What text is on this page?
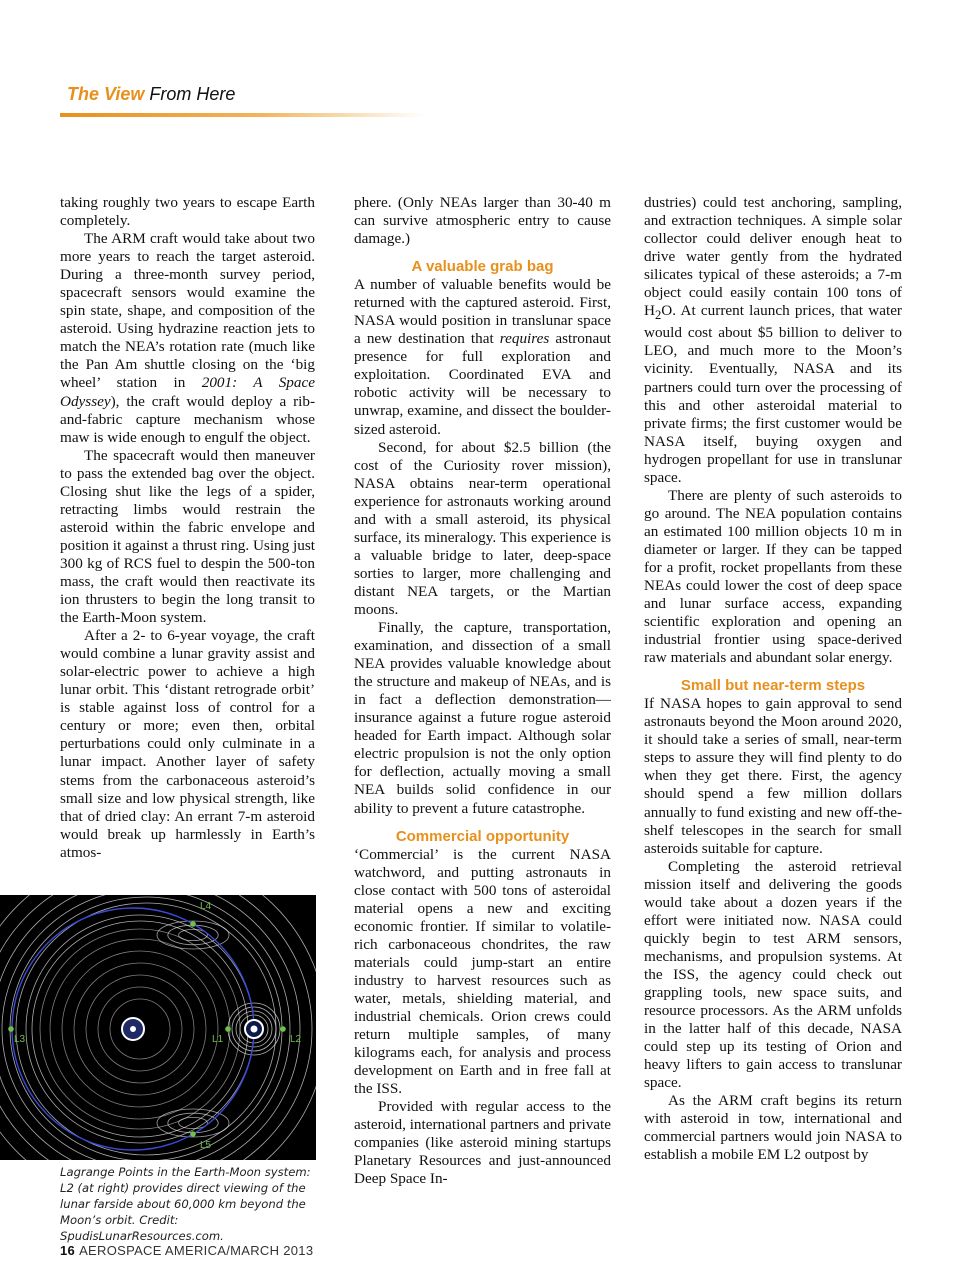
The View From Here

taking roughly two years to escape Earth completely.

The ARM craft would take about two more years to reach the target asteroid. During a three-month survey period, spacecraft sensors would examine the spin state, shape, and composition of the asteroid. Using hydrazine reaction jets to match the NEA’s rotation rate (much like the Pan Am shuttle closing on the ‘big wheel’ station in 2001: A Space Odyssey), the craft would deploy a rib-and-fabric capture mechanism whose maw is wide enough to engulf the object.

The spacecraft would then maneuver to pass the extended bag over the object. Closing shut like the legs of a spider, retracting limbs would restrain the asteroid within the fabric envelope and position it against a thrust ring. Using just 300 kg of RCS fuel to despin the 500-ton mass, the craft would then reactivate its ion thrusters to begin the long transit to the Earth-Moon system.

After a 2- to 6-year voyage, the craft would combine a lunar gravity assist and solar-electric power to achieve a high lunar orbit. This ‘distant retrograde orbit’ is stable against loss of control for a century or more; even then, orbital perturbations could only culminate in a lunar impact. Another layer of safety stems from the carbonaceous asteroid’s small size and low physical strength, like that of dried clay: An errant 7-m asteroid would break up harmlessly in Earth’s atmos-

phere. (Only NEAs larger than 30-40 m can survive atmospheric entry to cause damage.)

A valuable grab bag

A number of valuable benefits would be returned with the captured asteroid. First, NASA would position in translunar space a new destination that requires astronaut presence for full exploration and exploitation. Coordinated EVA and robotic activity will be necessary to unwrap, examine, and dissect the boulder-sized asteroid.

Second, for about $2.5 billion (the cost of the Curiosity rover mission), NASA obtains near-term operational experience for astronauts working around and with a small asteroid, its physical surface, its mineralogy. This experience is a valuable bridge to later, deep-space sorties to larger, more challenging and distant NEA targets, or the Martian moons.

Finally, the capture, transportation, examination, and dissection of a small NEA provides valuable knowledge about the structure and makeup of NEAs, and is in fact a deflection demonstration—insurance against a future rogue asteroid headed for Earth impact. Although solar electric propulsion is not the only option for deflection, actually moving a small NEA builds solid confidence in our ability to prevent a future catastrophe.

Commercial opportunity

‘Commercial’ is the current NASA watchword, and putting astronauts in close contact with 500 tons of asteroidal material opens a new and exciting economic frontier. If similar to volatile-rich carbonaceous chondrites, the raw materials could jump-start an entire industry to harvest resources such as water, metals, shielding material, and industrial chemicals. Orion crews could return multiple samples, of many kilograms each, for analysis and process development on Earth and in free fall at the ISS.

Provided with regular access to the asteroid, international partners and private companies (like asteroid mining startups Planetary Resources and just-announced Deep Space In-

dustries) could test anchoring, sampling, and extraction techniques. A simple solar collector could deliver enough heat to drive water gently from the hydrated silicates typical of these asteroids; a 7-m object could easily contain 100 tons of $H_2O$. At current launch prices, that water would cost about $5 billion to deliver to LEO, and much more to the Moon’s vicinity. Eventually, NASA and its partners could turn over the processing of this and other asteroidal material to private firms; the first customer would be NASA itself, buying oxygen and hydrogen propellant for use in translunar space.

There are plenty of such asteroids to go around. The NEA population contains an estimated 100 million objects 10 m in diameter or larger. If they can be tapped for a profit, rocket propellants from these NEAs could lower the cost of deep space and lunar surface access, expanding scientific exploration and opening an industrial frontier using space-derived raw materials and abundant solar energy.

Small but near-term steps

If NASA hopes to gain approval to send astronauts beyond the Moon around 2020, it should take a series of small, near-term steps to assure they will find plenty to do when they get there. First, the agency should spend a few million dollars annually to fund existing and new off-the-shelf telescopes in the search for small asteroids suitable for capture.

Completing the asteroid retrieval mission itself and delivering the goods would take about a dozen years if the effort were initiated now. NASA could quickly begin to test ARM sensors, mechanisms, and propulsion systems. At the ISS, the agency could check out grappling tools, new space suits, and resource processors. As the ARM unfolds in the latter half of this decade, NASA could step up its testing of Orion and heavy lifters to gain access to translunar space.

As the ARM craft begins its return with asteroid in tow, international and commercial partners would join NASA to establish a mobile EM L2 outpost by

L3	L1	L2
L4
L5
Lagrange Points in the Earth-Moon system: L2 (at right) provides direct viewing of the lunar farside about 60,000 km beyond the Moon’s orbit. Credit: SpudisLunarResources.com.
16 AEROSPACE AMERICA/MARCH 2013
